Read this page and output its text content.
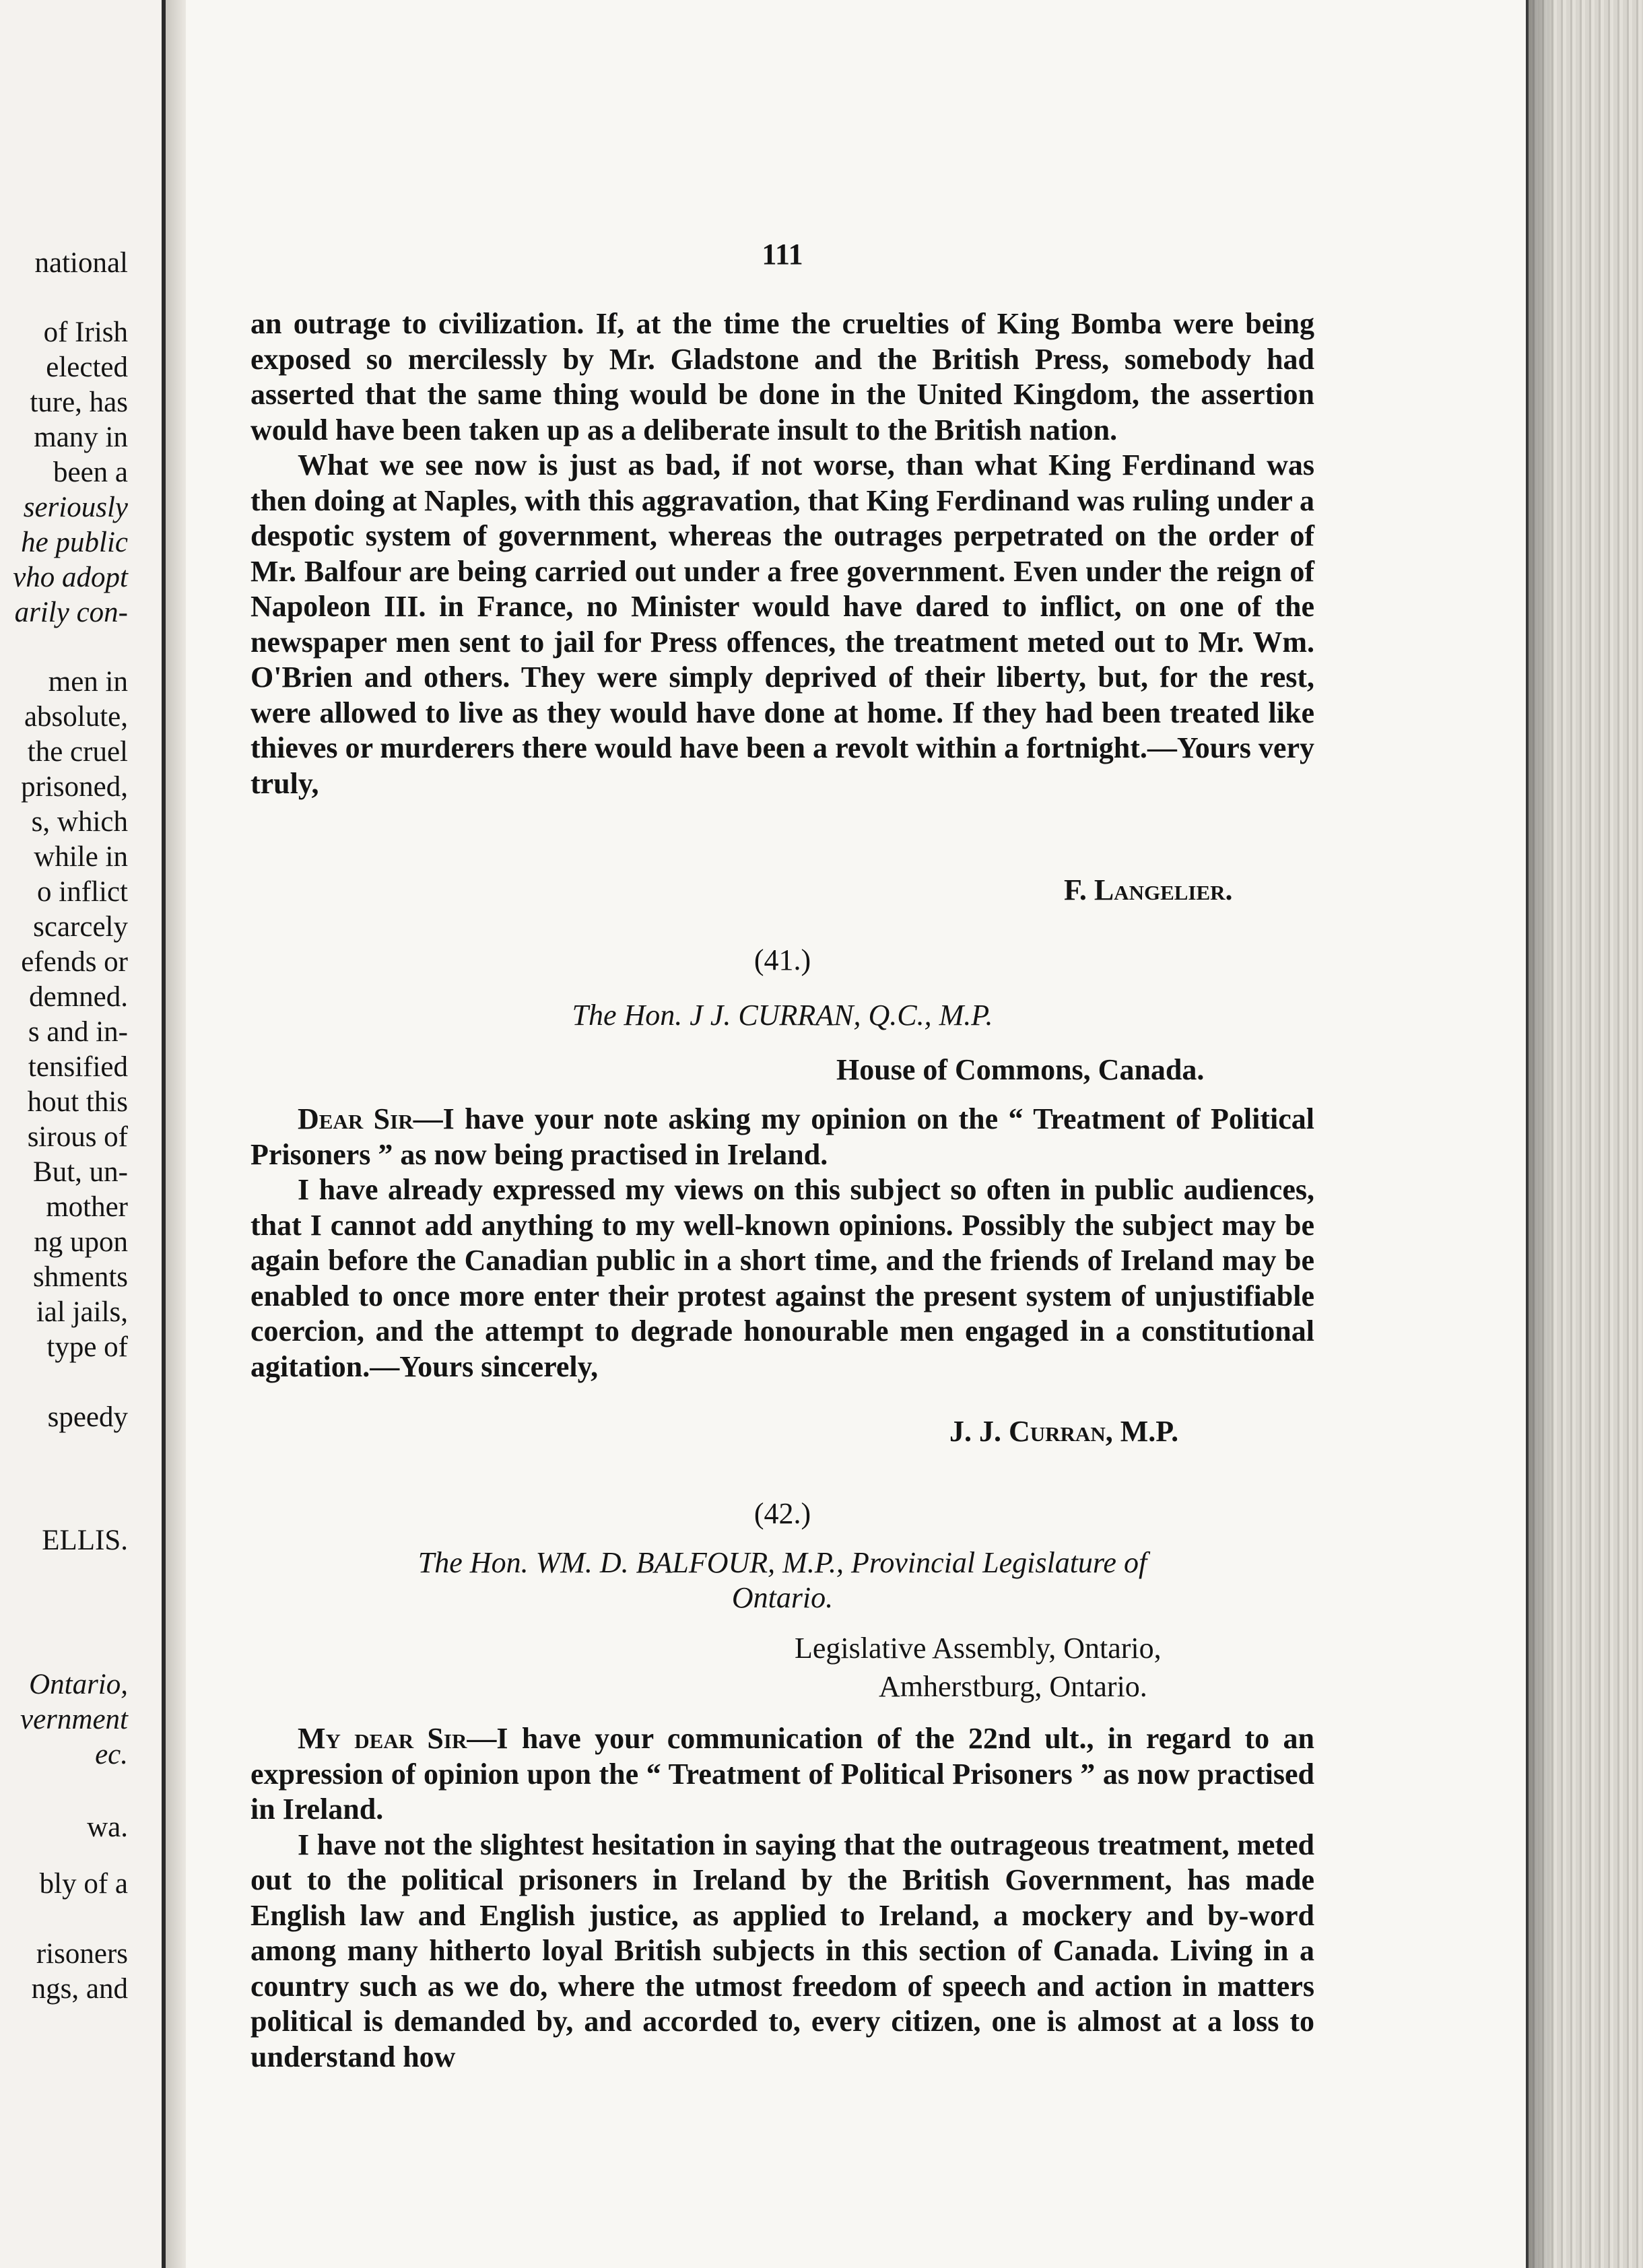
national
of Irish
elected
ture, has
many in
been a
seriously
he public
vho adopt
arily con-
men in
absolute,
the cruel
prisoned,
s, which
while in
o inflict
scarcely
efends or
demned.
s and in-
tensified
hout this
sirous of
But, un-
mother
ng upon
shments
ial jails,
type of
speedy
ELLIS.
Ontario,
vernment
ec.
wa.
bly of a
risoners
ngs, and
111

an outrage to civilization. If, at the time the cruelties of King Bomba were being exposed so mercilessly by Mr. Gladstone and the British Press, somebody had asserted that the same thing would be done in the United Kingdom, the assertion would have been taken up as a deliberate insult to the British nation.

What we see now is just as bad, if not worse, than what King Ferdinand was then doing at Naples, with this aggravation, that King Ferdinand was ruling under a despotic system of government, whereas the outrages perpetrated on the order of Mr. Balfour are being carried out under a free government. Even under the reign of Napoleon III. in France, no Minister would have dared to inflict, on one of the newspaper men sent to jail for Press offences, the treatment meted out to Mr. Wm. O'Brien and others. They were simply deprived of their liberty, but, for the rest, were allowed to live as they would have done at home. If they had been treated like thieves or murderers there would have been a revolt within a fortnight.—Yours very truly,

F. Langelier.
(41.)
The Hon. J J. CURRAN, Q.C., M.P.
House of Commons, Canada.

Dear Sir—I have your note asking my opinion on the “ Treatment of Political Prisoners ” as now being practised in Ireland.

I have already expressed my views on this subject so often in public audiences, that I cannot add anything to my well-known opinions. Possibly the subject may be again before the Canadian public in a short time, and the friends of Ireland may be enabled to once more enter their protest against the present system of unjustifiable coercion, and the attempt to degrade honourable men engaged in a constitutional agitation.—Yours sincerely,

J. J. Curran, M.P.
(42.)
The Hon. WM. D. BALFOUR, M.P., Provincial Legislature of
Ontario.
Legislative Assembly, Ontario,
Amherstburg, Ontario.

My dear Sir—I have your communication of the 22nd ult., in regard to an expression of opinion upon the “ Treatment of Political Prisoners ” as now practised in Ireland.

I have not the slightest hesitation in saying that the outrageous treatment, meted out to the political prisoners in Ireland by the British Government, has made English law and English justice, as applied to Ireland, a mockery and by-word among many hitherto loyal British subjects in this section of Canada. Living in a country such as we do, where the utmost freedom of speech and action in matters political is demanded by, and accorded to, every citizen, one is almost at a loss to understand how
